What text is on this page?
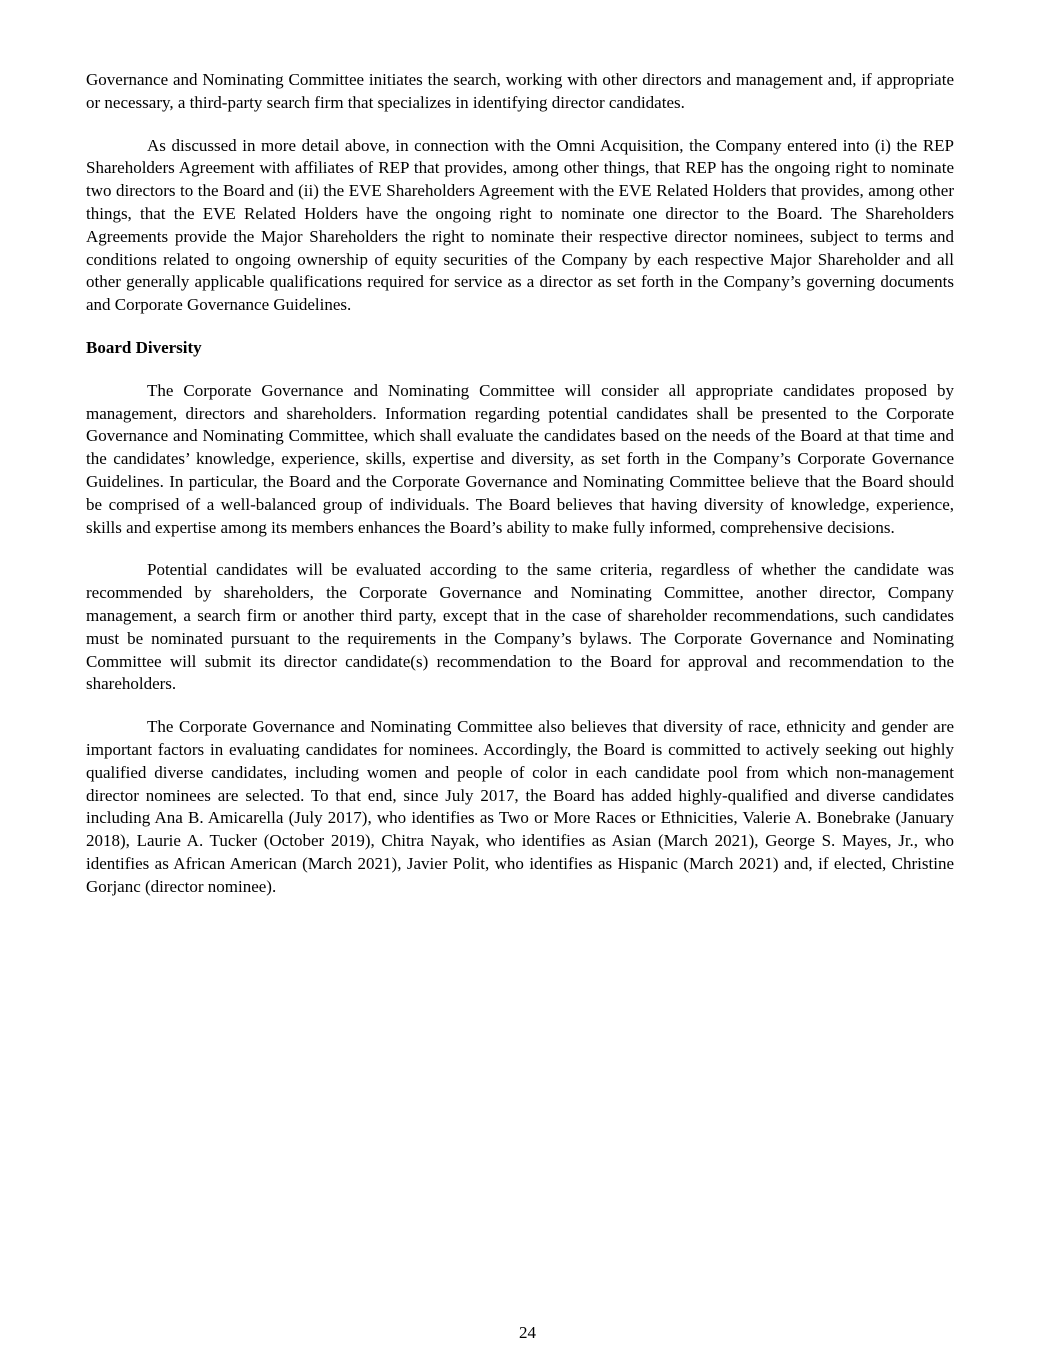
Governance and Nominating Committee initiates the search, working with other directors and management and, if appropriate or necessary, a third-party search firm that specializes in identifying director candidates.

As discussed in more detail above, in connection with the Omni Acquisition, the Company entered into (i) the REP Shareholders Agreement with affiliates of REP that provides, among other things, that REP has the ongoing right to nominate two directors to the Board and (ii) the EVE Shareholders Agreement with the EVE Related Holders that provides, among other things, that the EVE Related Holders have the ongoing right to nominate one director to the Board. The Shareholders Agreements provide the Major Shareholders the right to nominate their respective director nominees, subject to terms and conditions related to ongoing ownership of equity securities of the Company by each respective Major Shareholder and all other generally applicable qualifications required for service as a director as set forth in the Company’s governing documents and Corporate Governance Guidelines.

Board Diversity

The Corporate Governance and Nominating Committee will consider all appropriate candidates proposed by management, directors and shareholders. Information regarding potential candidates shall be presented to the Corporate Governance and Nominating Committee, which shall evaluate the candidates based on the needs of the Board at that time and the candidates’ knowledge, experience, skills, expertise and diversity, as set forth in the Company’s Corporate Governance Guidelines. In particular, the Board and the Corporate Governance and Nominating Committee believe that the Board should be comprised of a well-balanced group of individuals. The Board believes that having diversity of knowledge, experience, skills and expertise among its members enhances the Board’s ability to make fully informed, comprehensive decisions.

Potential candidates will be evaluated according to the same criteria, regardless of whether the candidate was recommended by shareholders, the Corporate Governance and Nominating Committee, another director, Company management, a search firm or another third party, except that in the case of shareholder recommendations, such candidates must be nominated pursuant to the requirements in the Company’s bylaws. The Corporate Governance and Nominating Committee will submit its director candidate(s) recommendation to the Board for approval and recommendation to the shareholders.

The Corporate Governance and Nominating Committee also believes that diversity of race, ethnicity and gender are important factors in evaluating candidates for nominees. Accordingly, the Board is committed to actively seeking out highly qualified diverse candidates, including women and people of color in each candidate pool from which non-management director nominees are selected. To that end, since July 2017, the Board has added highly-qualified and diverse candidates including Ana B. Amicarella (July 2017), who identifies as Two or More Races or Ethnicities, Valerie A. Bonebrake (January 2018), Laurie A. Tucker (October 2019), Chitra Nayak, who identifies as Asian (March 2021), George S. Mayes, Jr., who identifies as African American (March 2021), Javier Polit, who identifies as Hispanic (March 2021) and, if elected, Christine Gorjanc (director nominee).

24
